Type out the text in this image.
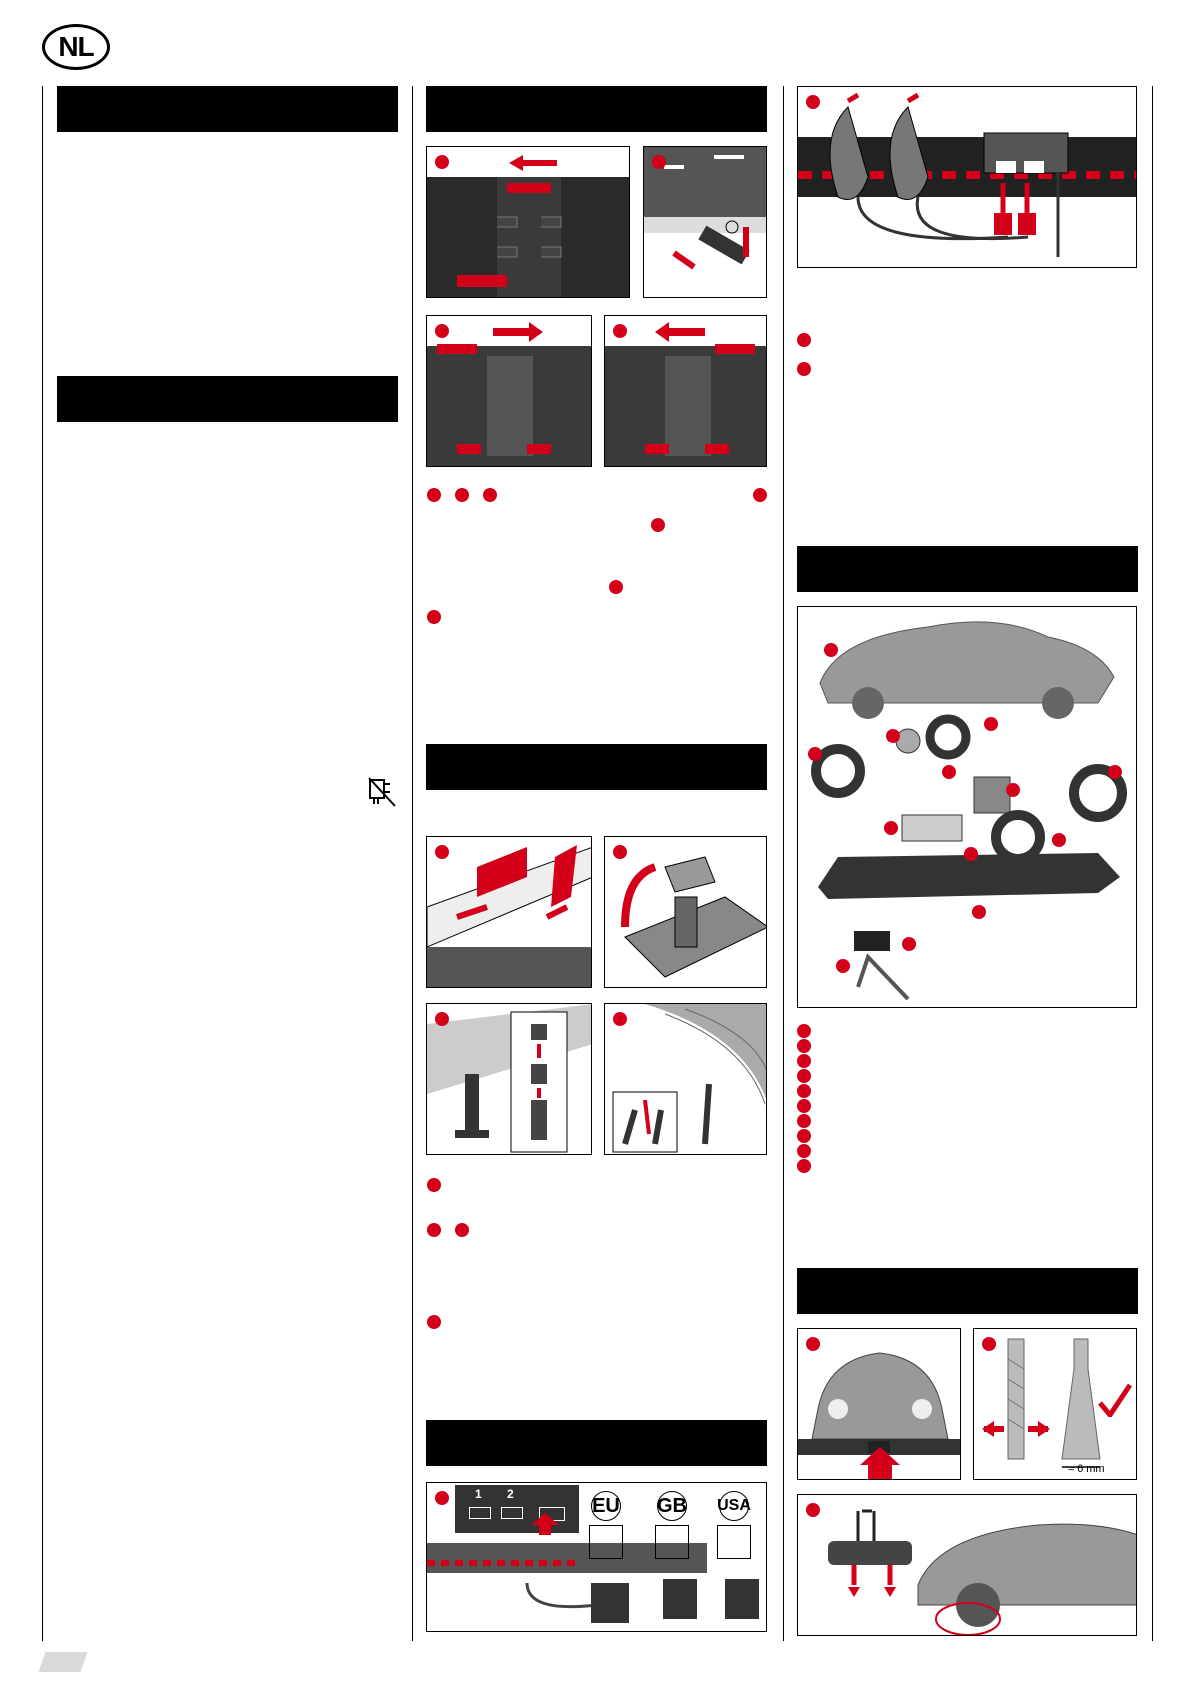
NL
1 2
EU GB USA
≈ 6 mm
